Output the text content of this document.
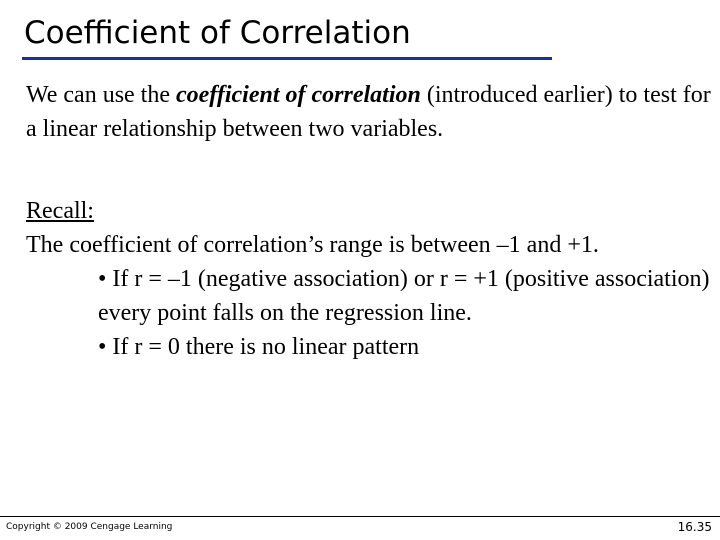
Coefficient of Correlation

We can use the coefficient of correlation (introduced earlier) to test for a linear relationship between two variables.

Recall:

The coefficient of correlation’s range is between –1 and +1.

• If r = –1 (negative association) or r = +1 (positive association) every point falls on the regression line.

• If r = 0 there is no linear pattern

Copyright © 2009 Cengage Learning	16.35
